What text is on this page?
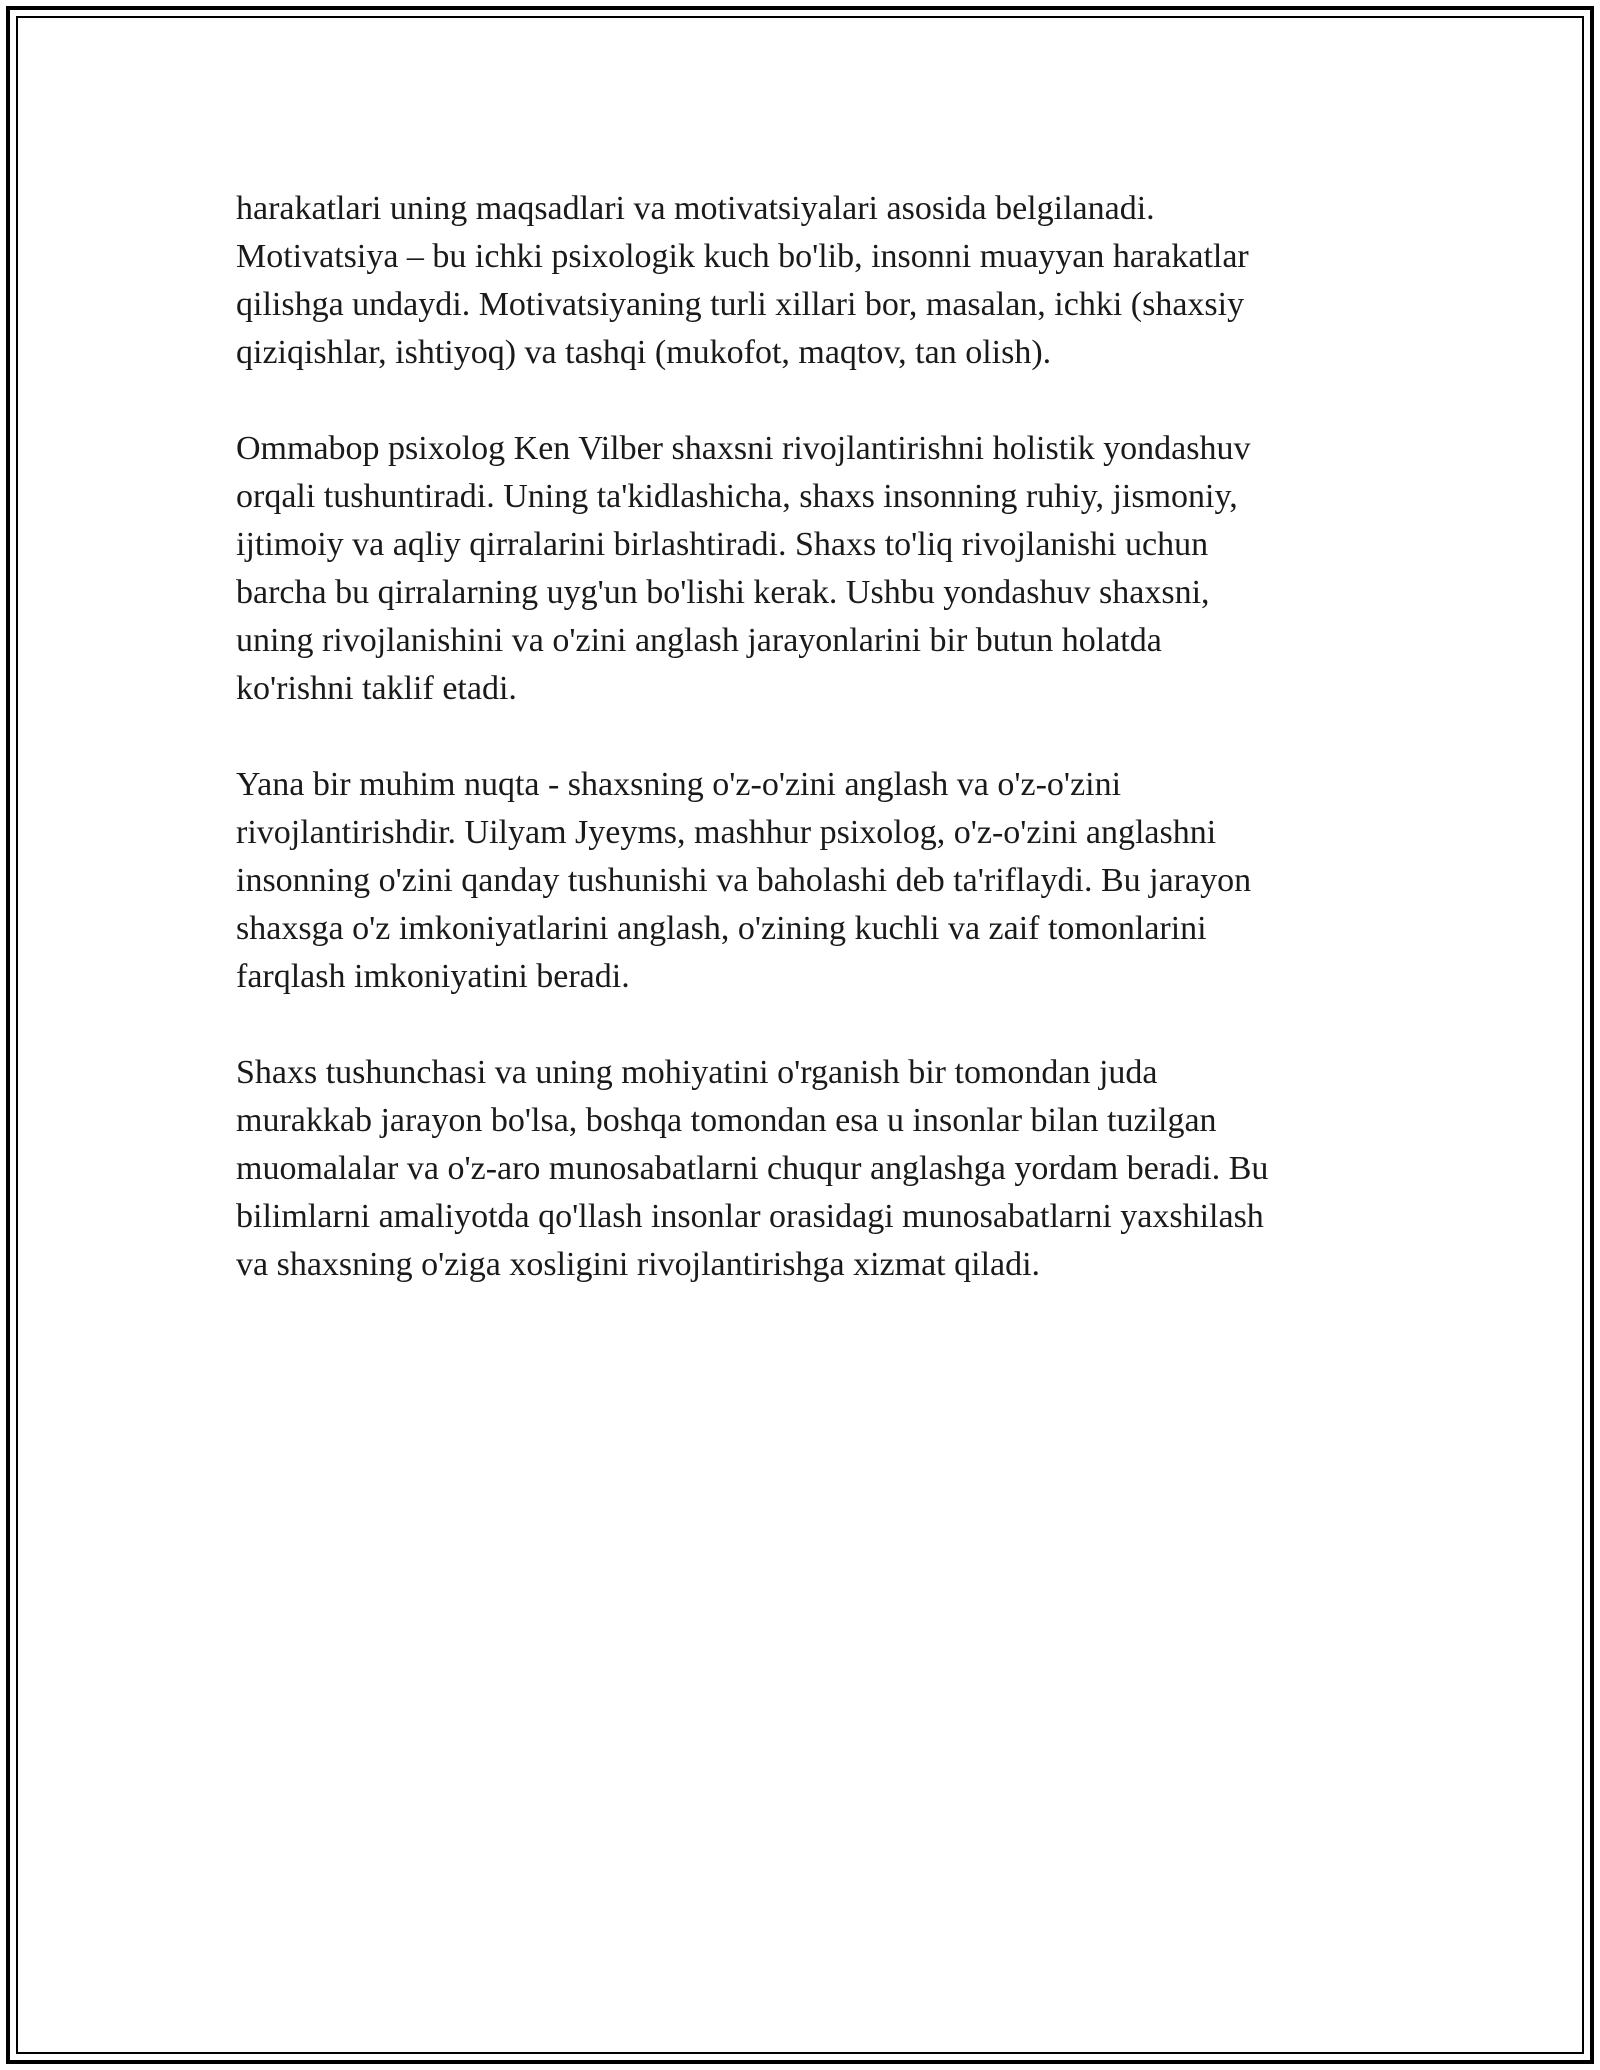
harakatlari uning maqsadlari va motivatsiyalari asosida belgilanadi.
Motivatsiya – bu ichki psixologik kuch bo'lib, insonni muayyan harakatlar
qilishga undaydi. Motivatsiyaning turli xillari bor, masalan, ichki (shaxsiy
qiziqishlar, ishtiyoq) va tashqi (mukofot, maqtov, tan olish).

Ommabop psixolog Ken Vilber shaxsni rivojlantirishni holistik yondashuv
orqali tushuntiradi. Uning ta'kidlashicha, shaxs insonning ruhiy, jismoniy,
ijtimoiy va aqliy qirralarini birlashtiradi. Shaxs to'liq rivojlanishi uchun
barcha bu qirralarning uyg'un bo'lishi kerak. Ushbu yondashuv shaxsni,
uning rivojlanishini va o'zini anglash jarayonlarini bir butun holatda
ko'rishni taklif etadi.

Yana bir muhim nuqta - shaxsning o'z-o'zini anglash va o'z-o'zini
rivojlantirishdir. Uilyam Jyeyms, mashhur psixolog, o'z-o'zini anglashni
insonning o'zini qanday tushunishi va baholashi deb ta'riflaydi. Bu jarayon
shaxsga o'z imkoniyatlarini anglash, o'zining kuchli va zaif tomonlarini
farqlash imkoniyatini beradi.

Shaxs tushunchasi va uning mohiyatini o'rganish bir tomondan juda
murakkab jarayon bo'lsa, boshqa tomondan esa u insonlar bilan tuzilgan
muomalalar va o'z-aro munosabatlarni chuqur anglashga yordam beradi. Bu
bilimlarni amaliyotda qo'llash insonlar orasidagi munosabatlarni yaxshilash
va shaxsning o'ziga xosligini rivojlantirishga xizmat qiladi.
